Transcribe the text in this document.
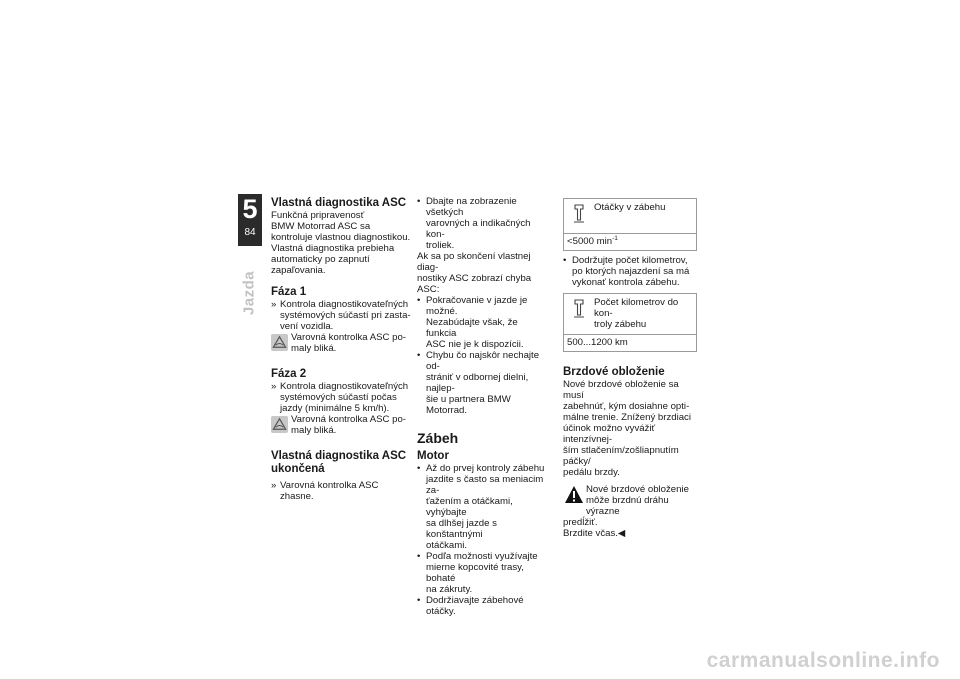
5
84
Jazda
Vlastná diagnostika ASC

Funkčná pripravenosť

BMW Motorrad ASC sa

kontroluje vlastnou diagnostikou.

Vlastná diagnostika prebieha

automaticky po zapnutí

zapaľovania.

Fáza 1
» Kontrola diagnostikovateľných
systémových súčastí pri zasta-
vení vozidla.

Varovná kontrolka ASC po-

maly bliká.

Fáza 2
» Kontrola diagnostikovateľných
systémových súčastí počas
jazdy (minimálne 5 km/h).

Varovná kontrolka ASC po-

maly bliká.

Vlastná diagnostika ASC
ukončená
» Varovná kontrolka ASC zhasne.
• Dbajte na zobrazenie všetkých
varovných a indikačných kon-
troliek.

Ak sa po skončení vlastnej diag-

nostiky ASC zobrazí chyba ASC:

• Pokračovanie v jazde je možné.
Nezabúdajte však, že funkcia
ASC nie je k dispozícii.
• Chybu čo najskôr nechajte od-
strániť v odbornej dielni, najlep-
šie u partnera BMW Motorrad.
Zábeh
Motor
• Až do prvej kontroly zábehu
jazdite s často sa meniacim za-
ťažením a otáčkami, vyhýbajte
sa dlhšej jazde s konštantnými
otáčkami.
• Podľa možnosti využívajte
mierne kopcovité trasy, bohaté
na zákruty.
• Dodržiavajte zábehové otáčky.
Otáčky v zábehu
<5000 $\min^{-1}$
• Dodržujte počet kilometrov,
po ktorých najazdení sa má
vykonať kontrola zábehu.

Počet kilometrov do kon-

troly zábehu

500...1200 km
Brzdové obloženie

Nové brzdové obloženie sa musí

zabehnúť, kým dosiahne opti-

málne trenie. Znížený brzdiaci

účinok možno vyvážiť intenzívnej-

ším stlačením/zošliapnutím páčky/

pedálu brzdy.

Nové brzdové obloženie

môže brzdnú dráhu výrazne

predĺžiť.

Brzdite včas.◀

carmanualsonline.info
